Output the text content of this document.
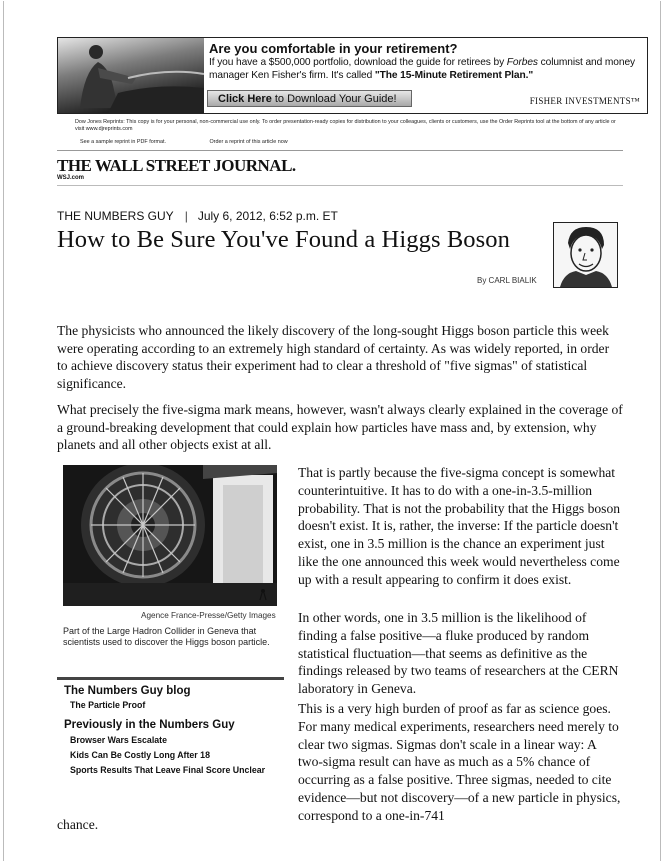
Are you comfortable in your retirement?

If you have a $500,000 portfolio, download the guide for retirees by Forbes columnist and money manager Ken Fisher's firm. It's called "The 15-Minute Retirement Plan."

Click Here to Download Your Guide!	FISHER INVESTMENTS™
Dow Jones Reprints: This copy is for your personal, non-commercial use only. To order presentation-ready copies for distribution to your colleagues, clients or customers, use the Order Reprints tool at the bottom of any article or visit www.djreprints.com
See a sample reprint in PDF format.	Order a reprint of this article now
THE WALL STREET JOURNAL.
WSJ.com
THE NUMBERS GUY | July 6, 2012, 6:52 p.m. ET
How to Be Sure You've Found a Higgs Boson
By CARL BIALIK

The physicists who announced the likely discovery of the long-sought Higgs boson particle this week were operating according to an extremely high standard of certainty. As was widely reported, in order to achieve discovery status their experiment had to clear a threshold of "five sigmas" of statistical significance.

What precisely the five-sigma mark means, however, wasn't always clearly explained in the coverage of a ground-breaking development that could explain how particles have mass and, by extension, why planets and all other objects exist at all.

Agence France-Presse/Getty Images
Part of the Large Hadron Collider in Geneva that scientists used to discover the Higgs boson particle.

That is partly because the five-sigma concept is somewhat counterintuitive. It has to do with a one-in-3.5-million probability. That is not the probability that the Higgs boson doesn't exist. It is, rather, the inverse: If the particle doesn't exist, one in 3.5 million is the chance an experiment just like the one announced this week would nevertheless come up with a result appearing to confirm it does exist.

In other words, one in 3.5 million is the likelihood of finding a false positive—a fluke produced by random statistical fluctuation—that seems as definitive as the findings released by two teams of researchers at the CERN laboratory in Geneva.

This is a very high burden of proof as far as science goes. For many medical experiments, researchers need merely to clear two sigmas. Sigmas don't scale in a linear way: A two-sigma result can have as much as a 5% chance of occurring as a false positive. Three sigmas, needed to cite evidence—but not discovery—of a new particle in physics, correspond to a one-in-741

The Numbers Guy blog

The Particle Proof

Previously in the Numbers Guy

Browser Wars Escalate

Kids Can Be Costly Long After 18

Sports Results That Leave Final Score Unclear

chance.
